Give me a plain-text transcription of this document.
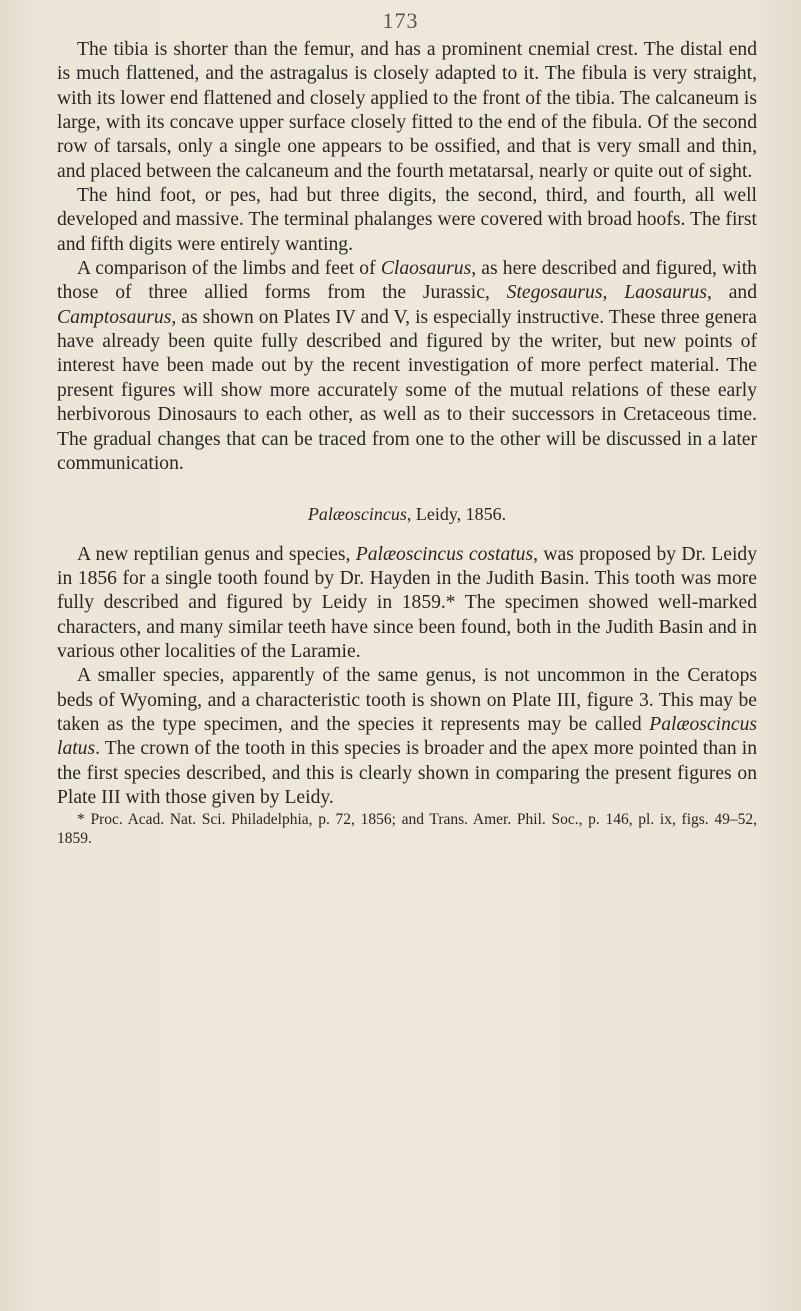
173

The tibia is shorter than the femur, and has a prominent cnemial crest. The distal end is much flattened, and the astragalus is closely adapted to it. The fibula is very straight, with its lower end flattened and closely applied to the front of the tibia. The calcaneum is large, with its concave upper surface closely fitted to the end of the fibula. Of the second row of tarsals, only a single one appears to be ossified, and that is very small and thin, and placed between the calcaneum and the fourth metatarsal, nearly or quite out of sight.

The hind foot, or pes, had but three digits, the second, third, and fourth, all well developed and massive. The terminal phalanges were covered with broad hoofs. The first and fifth digits were entirely wanting.

A comparison of the limbs and feet of Claosaurus, as here described and figured, with those of three allied forms from the Jurassic, Stegosaurus, Laosaurus, and Camptosaurus, as shown on Plates IV and V, is especially instructive. These three genera have already been quite fully described and figured by the writer, but new points of interest have been made out by the recent investigation of more perfect material. The present figures will show more accurately some of the mutual relations of these early herbivorous Dinosaurs to each other, as well as to their successors in Cretaceous time. The gradual changes that can be traced from one to the other will be discussed in a later communication.

Palæoscincus, Leidy, 1856.

A new reptilian genus and species, Palæoscincus costatus, was proposed by Dr. Leidy in 1856 for a single tooth found by Dr. Hayden in the Judith Basin. This tooth was more fully described and figured by Leidy in 1859.* The specimen showed well-marked characters, and many similar teeth have since been found, both in the Judith Basin and in various other localities of the Laramie.

A smaller species, apparently of the same genus, is not uncommon in the Ceratops beds of Wyoming, and a characteristic tooth is shown on Plate III, figure 3. This may be taken as the type specimen, and the species it represents may be called Palæoscincus latus. The crown of the tooth in this species is broader and the apex more pointed than in the first species described, and this is clearly shown in comparing the present figures on Plate III with those given by Leidy.

* Proc. Acad. Nat. Sci. Philadelphia, p. 72, 1856; and Trans. Amer. Phil. Soc., p. 146, pl. ix, figs. 49–52, 1859.
